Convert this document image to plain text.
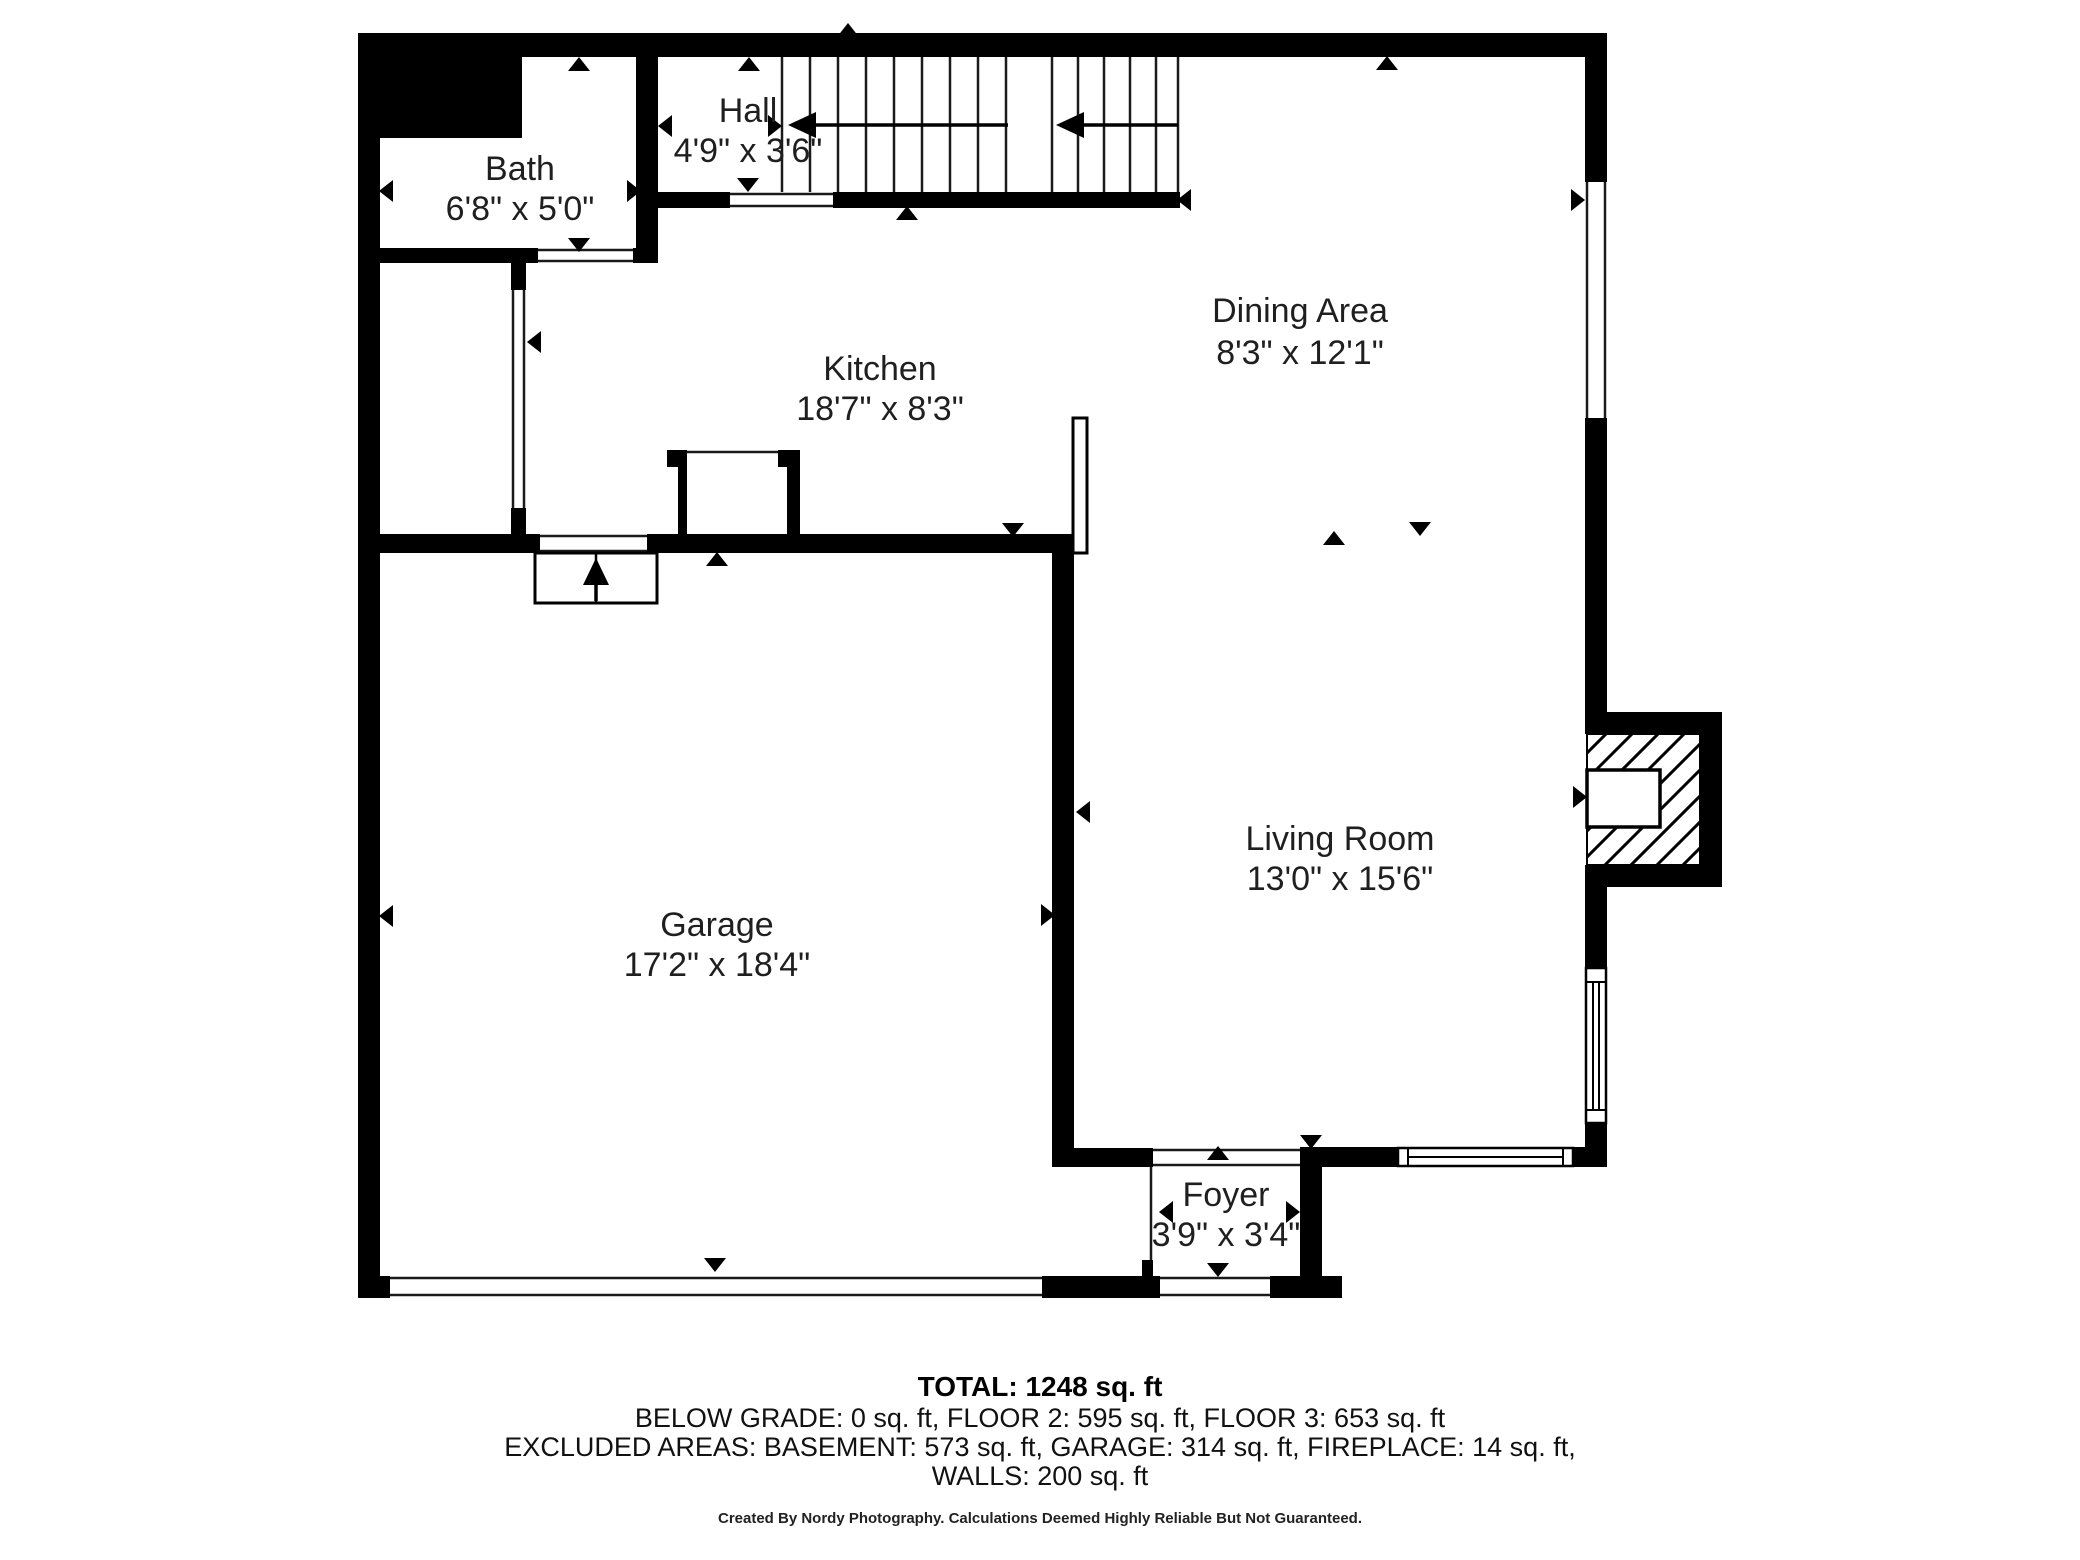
Bath
6'8" x 5'0"
Hall
4'9" x 3'6"
Kitchen
18'7" x 8'3"
Dining Area
8'3" x 12'1"
Garage
17'2" x 18'4"
Living Room
13'0" x 15'6"
Foyer
3'9" x 3'4"
TOTAL: 1248 sq. ft
BELOW GRADE: 0 sq. ft, FLOOR 2: 595 sq. ft, FLOOR 3: 653 sq. ft
EXCLUDED AREAS: BASEMENT: 573 sq. ft, GARAGE: 314 sq. ft, FIREPLACE: 14 sq. ft,
WALLS: 200 sq. ft
Created By Nordy Photography. Calculations Deemed Highly Reliable But Not Guaranteed.
